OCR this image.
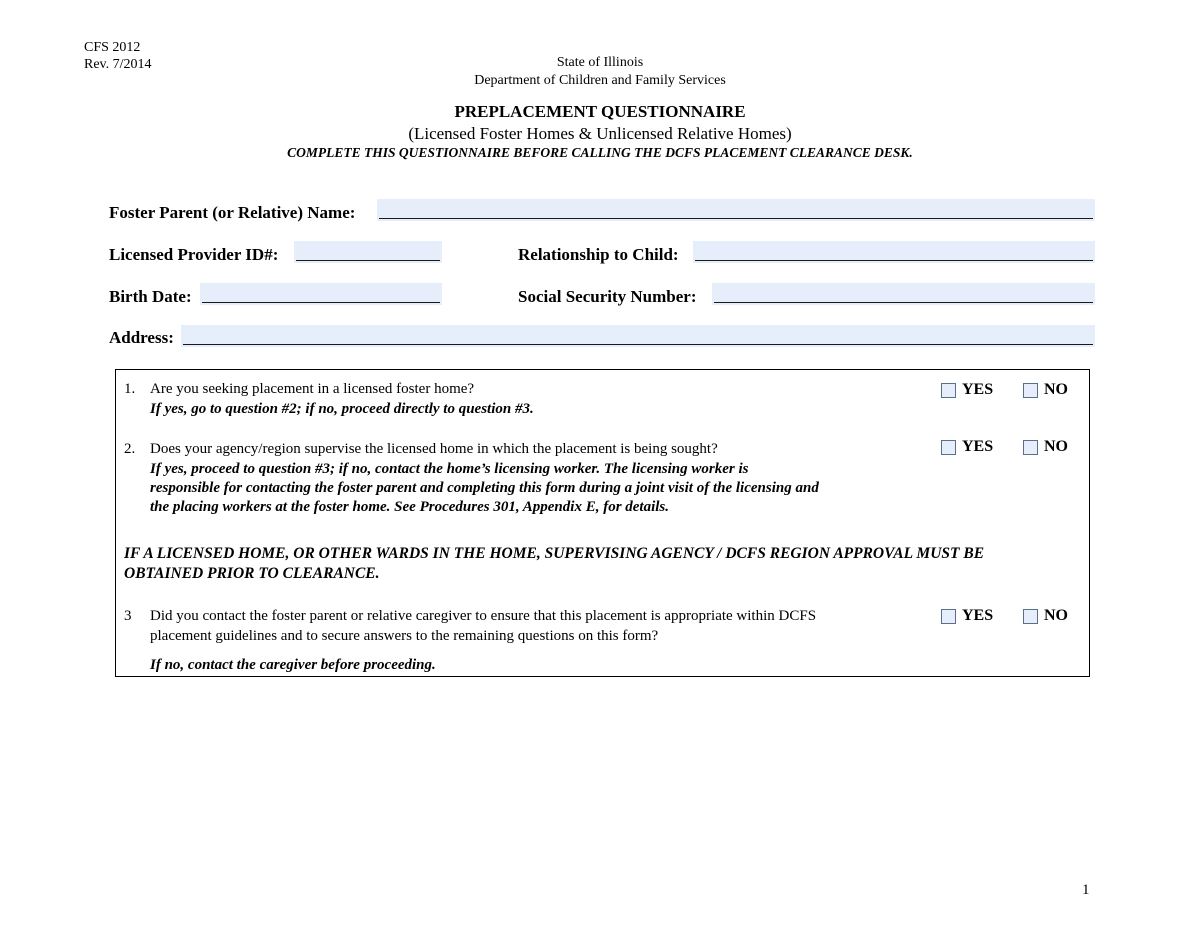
CFS 2012
Rev. 7/2014	State of Illinois
Department of Children and Family Services
PREPLACEMENT QUESTIONNAIRE
(Licensed Foster Homes & Unlicensed Relative Homes)
COMPLETE THIS QUESTIONNAIRE BEFORE CALLING THE DCFS PLACEMENT CLEARANCE DESK.
Foster Parent (or Relative) Name:
Licensed Provider ID#:	Relationship to Child:
Birth Date:	Social Security Number:
Address:
1. Are you seeking placement in a licensed foster home?
If yes, go to question #2; if no, proceed directly to question #3.
YES	NO
2. Does your agency/region supervise the licensed home in which the placement is being sought?
If yes, proceed to question #3; if no, contact the home’s licensing worker. The licensing worker is
responsible for contacting the foster parent and completing this form during a joint visit of the licensing and
the placing workers at the foster home. See Procedures 301, Appendix E, for details.
YES	NO
IF A LICENSED HOME, OR OTHER WARDS IN THE HOME, SUPERVISING AGENCY / DCFS REGION APPROVAL MUST BE
OBTAINED PRIOR TO CLEARANCE.
3 Did you contact the foster parent or relative caregiver to ensure that this placement is appropriate within DCFS
placement guidelines and to secure answers to the remaining questions on this form?
If no, contact the caregiver before proceeding.
YES	NO
1
